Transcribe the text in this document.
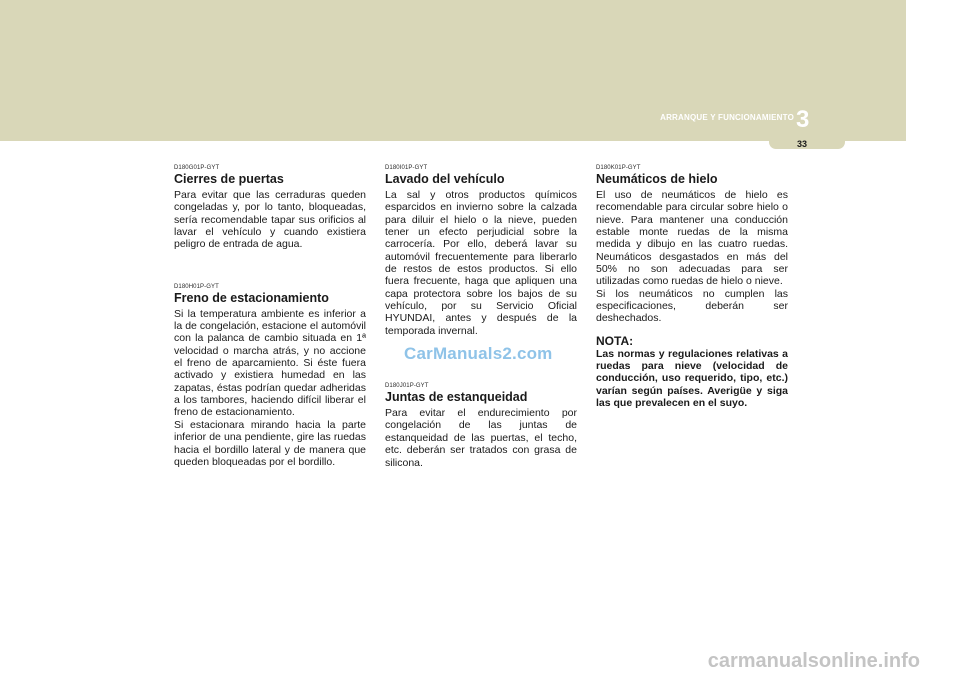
ARRANQUE Y FUNCIONAMIENTO 3
33
D180G01P-GYT
Cierres de puertas

Para evitar que las cerraduras queden congeladas y, por lo tanto, bloqueadas, sería recomendable tapar sus orificios al lavar el vehículo y cuando existiera peligro de entrada de agua.

D180H01P-GYT
Freno de estacionamiento

Si la temperatura ambiente es inferior a la de congelación, estacione el automóvil con la palanca de cambio situada en 1ª velocidad o marcha atrás, y no accione el freno de aparcamiento. Si éste fuera activado y existiera humedad en las zapatas, éstas podrían quedar adheridas a los tambores, haciendo difícil liberar el freno de estacionamiento.

Si estacionara mirando hacia la parte inferior de una pendiente, gire las ruedas hacia el bordillo lateral y de manera que queden bloqueadas por el bordillo.

D180I01P-GYT
Lavado del vehículo

La sal y otros productos químicos esparcidos en invierno sobre la calzada para diluir el hielo o la nieve, pueden tener un efecto perjudicial sobre la carrocería. Por ello, deberá lavar su automóvil frecuentemente para liberarlo de restos de estos productos. Si ello fuera frecuente, haga que apliquen una capa protectora sobre los bajos de su vehículo, por su Servicio Oficial HYUNDAI, antes y después de la temporada invernal.

D180J01P-GYT
Juntas de estanqueidad

Para evitar el endurecimiento por congelación de las juntas de estanqueidad de las puertas, el techo, etc. deberán ser tratados con grasa de silicona.

D180K01P-GYT
Neumáticos de hielo

El uso de neumáticos de hielo es recomendable para circular sobre hielo o nieve. Para mantener una conducción estable monte ruedas de la misma medida y dibujo en las cuatro ruedas. Neumáticos desgastados en más del 50% no son adecuadas para ser utilizadas como ruedas de hielo o nieve.

Si los neumáticos no cumplen las especificaciones, deberán ser deshechados.

NOTA:

Las normas y regulaciones relativas a ruedas para nieve (velocidad de conducción, uso requerido, tipo, etc.) varían según países. Averigüe y siga las que prevalecen en el suyo.

CarManuals2.com
carmanualsonline.info
